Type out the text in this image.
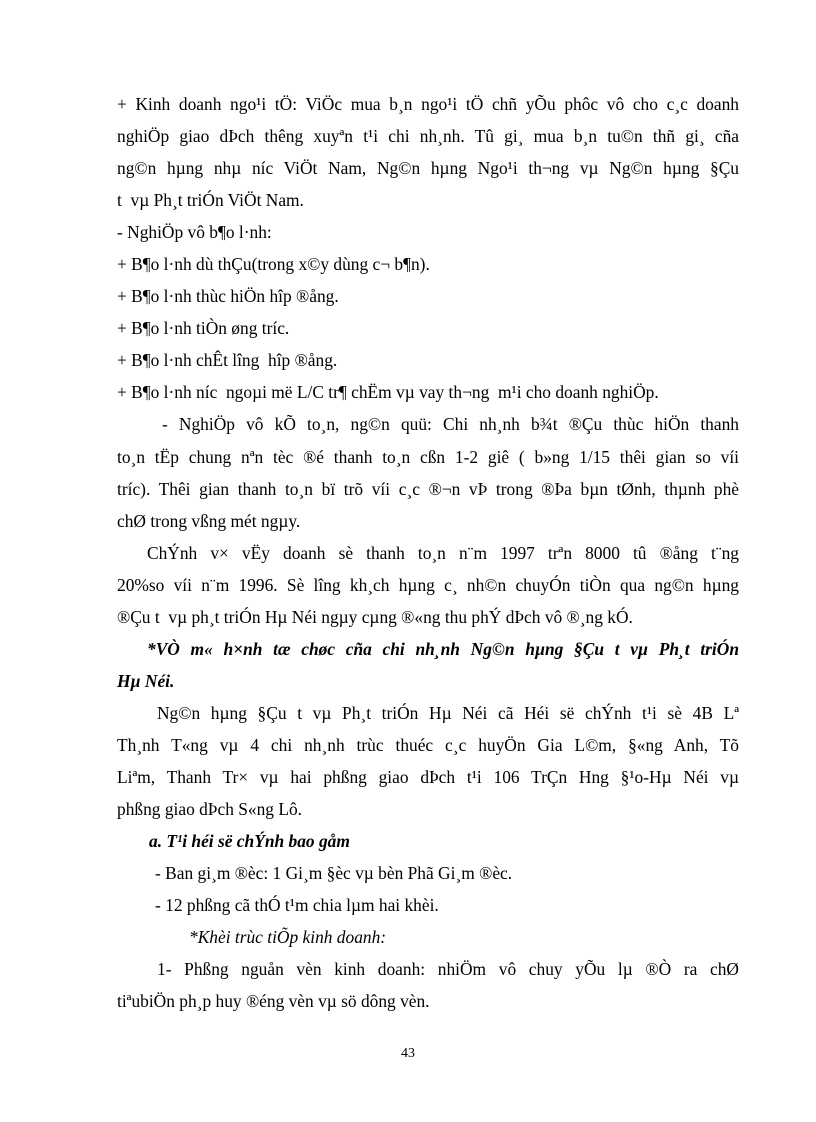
+ Kinh doanh ngo¹i tÖ: ViÖc mua b¸n ngo¹i tÖ chñ yÕu phôc vô cho c¸c doanh
nghiÖp giao dÞch thêng xuyªn t¹i chi nh¸nh. Tû gi¸ mua b¸n tu©n thñ gi¸ cña
ng©n hµng nhµ níc ViÖt Nam, Ng©n hµng Ngo¹i th¬ng vµ Ng©n hµng §Çu
t  vµ Ph¸t triÓn ViÖt Nam.
- NghiÖp vô b¶o l·nh:
+ B¶o l·nh dù thÇu(trong x©y dùng c¬ b¶n).
+ B¶o l·nh thùc hiÖn hîp ®ång.
+ B¶o l·nh tiÒn øng tríc.
+ B¶o l·nh chÊt lîng  hîp ®ång.
+ B¶o l·nh níc  ngoµi më L/C tr¶ chËm vµ vay th¬ng  m¹i cho doanh nghiÖp.
- NghiÖp vô kÕ to¸n, ng©n quü: Chi nh¸nh b¾t ®Çu thùc hiÖn thanh
to¸n tËp chung nªn tèc ®é thanh to¸n cßn 1-2 giê ( b»ng 1/15 thêi gian so víi
tríc). Thêi gian thanh to¸n bï trõ víi c¸c ®¬n vÞ trong ®Þa bµn tØnh, thµnh phè
chØ trong vßng mét ngµy.
ChÝnh v× vËy doanh sè thanh to¸n n¨m 1997 trªn 8000 tû ®ång t¨ng
20%so víi n¨m 1996. Sè lîng kh¸ch hµng c¸ nh©n chuyÓn tiÒn qua ng©n hµng
®Çu t  vµ ph¸t triÓn Hµ Néi ngµy cµng ®«ng thu phÝ dÞch vô ®¸ng kÓ.
*VÒ m« h×nh tæ chøc cña chi nh¸nh Ng©n hµng §Çu t vµ Ph¸t triÓn
Hµ Néi.
Ng©n hµng §Çu t vµ Ph¸t triÓn Hµ Néi cã Héi së chÝnh t¹i sè 4B Lª
Th¸nh T«ng vµ 4 chi nh¸nh trùc thuéc c¸c huyÖn Gia L©m, §«ng Anh, Tõ
Liªm, Thanh Tr× vµ hai phßng giao dÞch t¹i 106 TrÇn Hng §¹o-Hµ Néi vµ
phßng giao dÞch S«ng Lô.
a. T¹i héi së chÝnh bao gåm
- Ban gi¸m ®èc: 1 Gi¸m §èc vµ bèn Phã Gi¸m ®èc.
- 12 phßng cã thÓ t¹m chia lµm hai khèi.
*Khèi trùc tiÕp kinh doanh:
1- Phßng nguån vèn kinh doanh: nhiÖm vô chuy yÕu lµ ®Ò ra chØ
tiªubiÖn ph¸p huy ®éng vèn vµ sö dông vèn.
43
